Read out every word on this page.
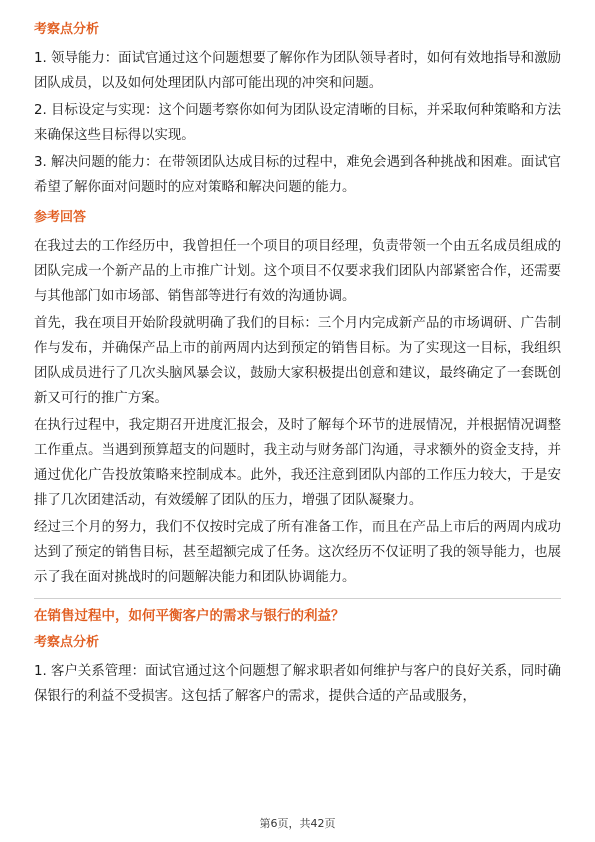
考察点分析

1. 领导能力：面试官通过这个问题想要了解你作为团队领导者时，如何有效地指导和激励团队成员，以及如何处理团队内部可能出现的冲突和问题。

2. 目标设定与实现：这个问题考察你如何为团队设定清晰的目标，并采取何种策略和方法来确保这些目标得以实现。

3. 解决问题的能力：在带领团队达成目标的过程中，难免会遇到各种挑战和困难。面试官希望了解你面对问题时的应对策略和解决问题的能力。

参考回答

在我过去的工作经历中，我曾担任一个项目的项目经理，负责带领一个由五名成员组成的团队完成一个新产品的上市推广计划。这个项目不仅要求我们团队内部紧密合作，还需要与其他部门如市场部、销售部等进行有效的沟通协调。

首先，我在项目开始阶段就明确了我们的目标：三个月内完成新产品的市场调研、广告制作与发布，并确保产品上市的前两周内达到预定的销售目标。为了实现这一目标，我组织团队成员进行了几次头脑风暴会议，鼓励大家积极提出创意和建议，最终确定了一套既创新又可行的推广方案。

在执行过程中，我定期召开进度汇报会，及时了解每个环节的进展情况，并根据情况调整工作重点。当遇到预算超支的问题时，我主动与财务部门沟通，寻求额外的资金支持，并通过优化广告投放策略来控制成本。此外，我还注意到团队内部的工作压力较大，于是安排了几次团建活动，有效缓解了团队的压力，增强了团队凝聚力。

经过三个月的努力，我们不仅按时完成了所有准备工作，而且在产品上市后的两周内成功达到了预定的销售目标，甚至超额完成了任务。这次经历不仅证明了我的领导能力，也展示了我在面对挑战时的问题解决能力和团队协调能力。

在销售过程中，如何平衡客户的需求与银行的利益？
考察点分析

1. 客户关系管理：面试官通过这个问题想了解求职者如何维护与客户的良好关系，同时确保银行的利益不受损害。这包括了解客户的需求，提供合适的产品或服务，

第6页，共42页
